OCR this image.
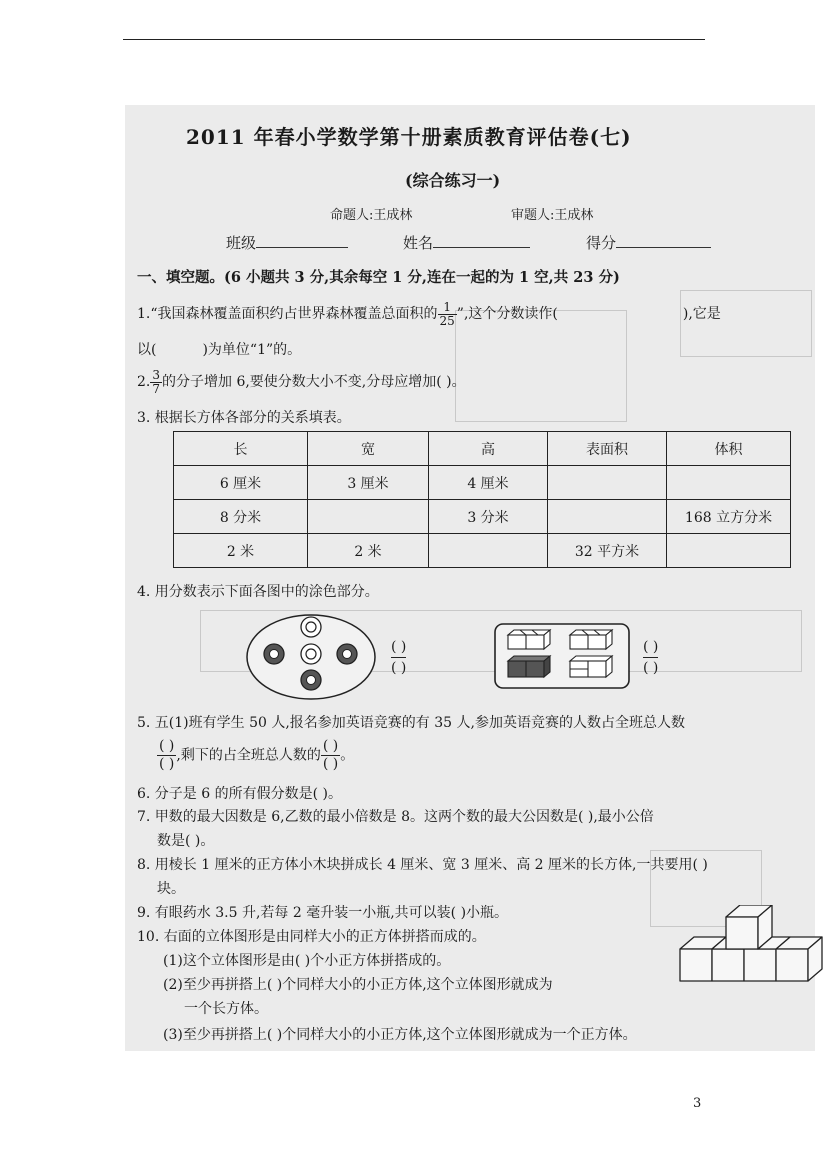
2011 年春小学数学第十册素质教育评估卷(七)
(综合练习一)
命题人:王成林	审题人:王成林
班级	姓名	得分
一、填空题。(6 小题共 3 分,其余每空 1 分,连在一起的为 1 空,共 23 分)
1.“我国森林覆盖面积约占世界森林覆盖总面积的 $\frac{1}{25}$ ”,这个分数读作(	),它是
以(	)为单位“1”的。
2. $\frac{3}{7}$ 的分子增加 6,要使分数大小不变,分母应增加( )。
3. 根据长方体各部分的关系填表。
长	宽	高	表面积	体积
6 厘米	3 厘米	4 厘米		
8 分米		3 分米		168 立方分米
2 米	2 米		32 平方米	
4. 用分数表示下面各图中的涂色部分。
( )
( )
( )
( )
5. 五(1)班有学生 50 人,报名参加英语竞赛的有 35 人,参加英语竞赛的人数占全班总人数
$\frac{( )}{( )}$ ,剩下的占全班总人数的 $\frac{( )}{( )}$ 。
6. 分子是 6 的所有假分数是( )。
7. 甲数的最大因数是 6,乙数的最小倍数是 8。这两个数的最大公因数是( ),最小公倍
数是( )。
8. 用棱长 1 厘米的正方体小木块拼成长 4 厘米、宽 3 厘米、高 2 厘米的长方体,一共要用( )
块。
9. 有眼药水 3.5 升,若每 2 毫升装一小瓶,共可以装( )小瓶。
10. 右面的立体图形是由同样大小的正方体拼搭而成的。
(1)这个立体图形是由( )个小正方体拼搭成的。
(2)至少再拼搭上( )个同样大小的小正方体,这个立体图形就成为
一个长方体。
(3)至少再拼搭上( )个同样大小的小正方体,这个立体图形就成为一个正方体。
3
